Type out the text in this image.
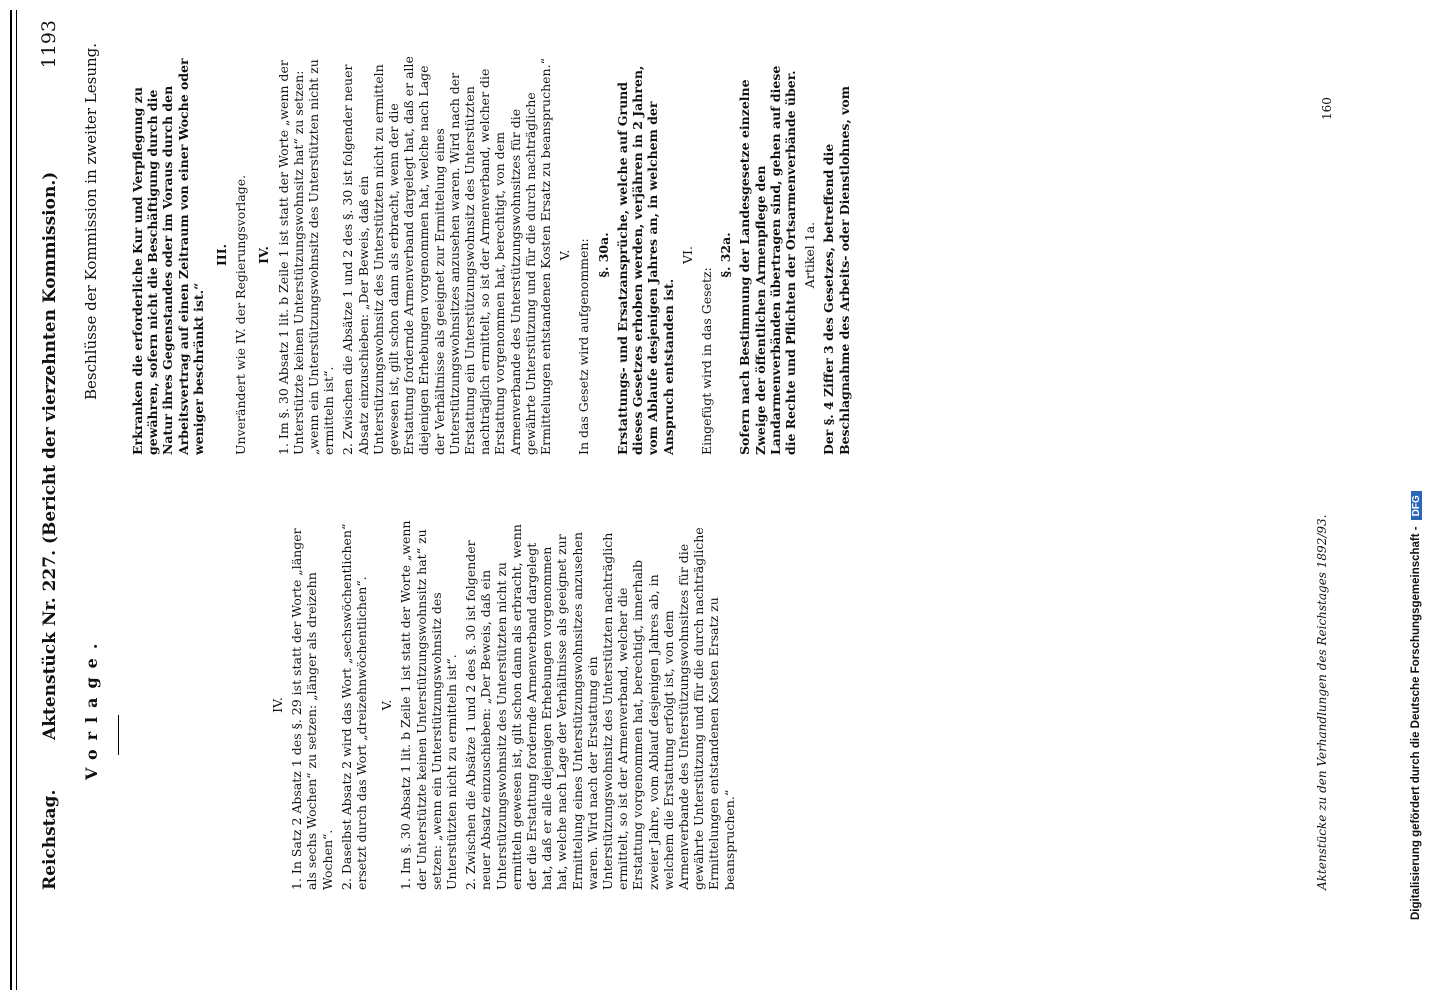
Reichstag.
Aktenstück Nr. 227. (Bericht der vierzehnten Kommission.)
1193
Vorlage.
Beschlüsse der Kommission in zweiter Lesung.

IV. 1. In Satz 2 Absatz 1 des §. 29 ist statt der Worte „länger als sechs Wochen“ zu setzen: „länger als dreizehn Wochen“. 2. Daselbst Absatz 2 wird das Wort „sechswöchentlichen“ ersetzt durch das Wort „dreizehnwöchentlichen“. V. 1. Im §. 30 Absatz 1 lit. b Zeile 1 ist statt der Worte „wenn der Unterstützte keinen Unterstützungswohnsitz hat“ zu setzen: „wenn ein Unterstützungswohnsitz des Unterstützten nicht zu ermitteln ist“. 2. Zwischen die Absätze 1 und 2 des §. 30 ist folgender neuer Absatz einzuschieben: „Der Beweis, daß ein Unterstützungswohnsitz des Unterstützten nicht zu ermitteln gewesen ist, gilt schon dann als erbracht, wenn der die Erstattung fordernde Armenverband dargelegt hat, daß er alle diejenigen Erhebungen vorgenommen hat, welche nach Lage der Verhältnisse als geeignet zur Ermittelung eines Unterstützungswohnsitzes anzusehen waren. Wird nach der Erstattung ein Unterstützungswohnsitz des Unterstützten nachträglich ermittelt, so ist der Armenverband, welcher die Erstattung vorgenommen hat, berechtigt, innerhalb zweier Jahre, vom Ablauf desjenigen Jahres ab, in welchem die Erstattung erfolgt ist, von dem Armenverbande des Unterstützungswohnsitzes für die gewährte Unterstützung und für die durch nachträgliche Ermittelungen entstandenen Kosten Ersatz zu beanspruchen.“

Erkranken die erforderliche Kur und Verpflegung zu gewähren, sofern nicht die Beschäftigung durch die Natur ihres Gegenstandes oder im Voraus durch den Arbeitsvertrag auf einen Zeitraum von einer Woche oder weniger beschränkt ist.“

III. Unverändert wie IV. der Regierungsvorlage. IV. 1. Im §. 30 Absatz 1 lit. b Zeile 1 ist statt der Worte „wenn der Unterstützte keinen Unterstützungswohnsitz hat“ zu setzen: „wenn ein Unterstützungswohnsitz des Unterstützten nicht zu ermitteln ist“. 2. Zwischen die Absätze 1 und 2 des §. 30 ist folgender neuer Absatz einzuschieben: „Der Beweis, daß ein Unterstützungswohnsitz des Unterstützten nicht zu ermitteln gewesen ist, gilt schon dann als erbracht, wenn der die Erstattung fordernde Armenverband dargelegt hat, daß er alle diejenigen Erhebungen vorgenommen hat, welche nach Lage der Verhältnisse als geeignet zur Ermittelung eines Unterstützungswohnsitzes anzusehen waren. Wird nach der Erstattung ein Unterstützungswohnsitz des Unterstützten nachträglich ermittelt, so ist der Armenverband, welcher die Erstattung vorgenommen hat, berechtigt, von dem Armenverbande des Unterstützungswohnsitzes für die gewährte Unterstützung und für die durch nachträgliche Ermittelungen entstandenen Kosten Ersatz zu beanspruchen.“ V. In das Gesetz wird aufgenommen: §. 30a. Erstattungs- und Ersatzansprüche, welche auf Grund dieses Gesetzes erhoben werden, verjähren in 2 Jahren, vom Ablaufe desjenigen Jahres an, in welchem der Anspruch entstanden ist.

VI.

Eingefügt wird in das Gesetz:

§. 32a. Sofern nach Bestimmung der Landesgesetze einzelne Zweige der öffentlichen Armenpflege den Landarmenverbänden übertragen sind, gehen auf diese die Rechte und Pflichten der Ortsarmenverbände über. Artikel 1a. Der §. 4 Ziffer 3 des Gesetzes, betreffend die Beschlagnahme des Arbeits- oder Dienstlohnes, vom

Aktenstücke zu den Verhandlungen des Reichstages 1892/93.
160
Digitalisierung gefördert durch die Deutsche Forschungsgemeinschaft -DFG
